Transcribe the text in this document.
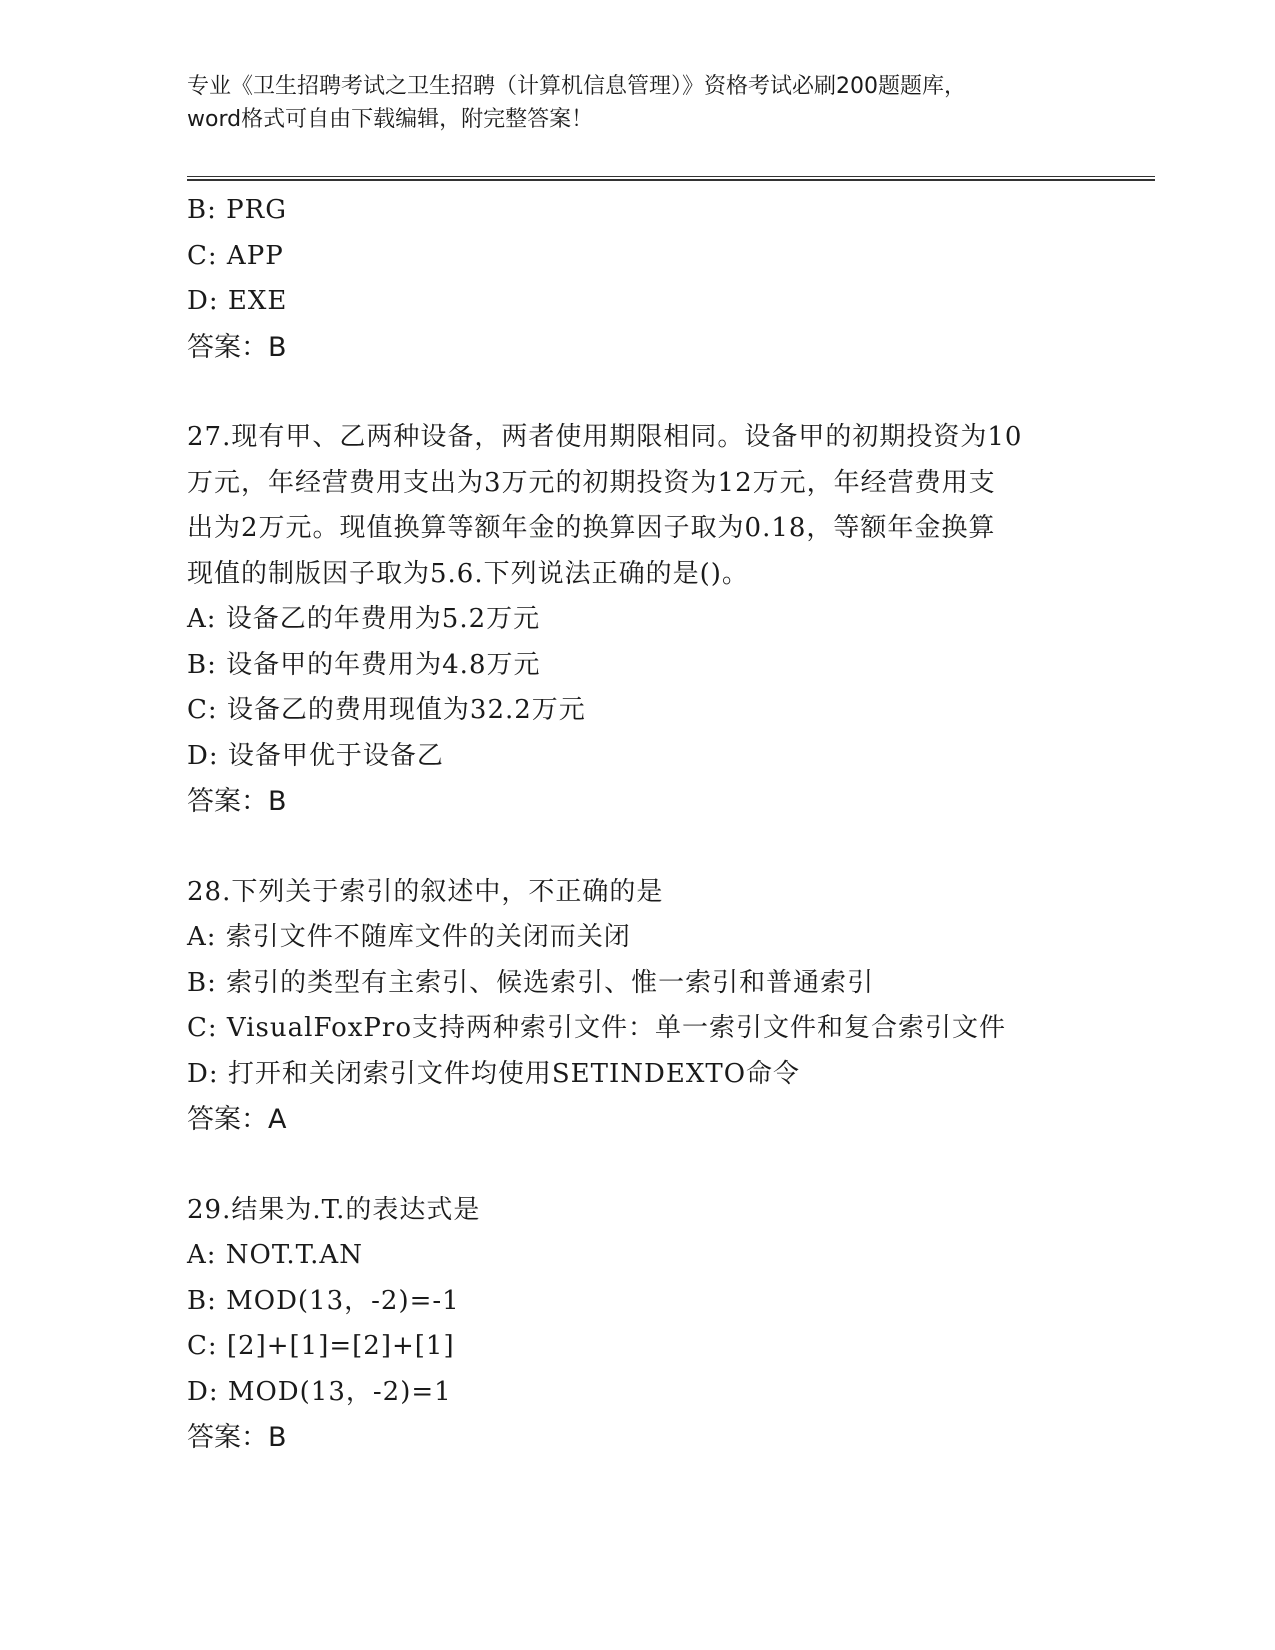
专业《卫生招聘考试之卫生招聘（计算机信息管理）》资格考试必刷200题题库，
word格式可自由下载编辑，附完整答案！
B: PRG
C: APP
D: EXE
答案：B
27.现有甲、乙两种设备，两者使用期限相同。设备甲的初期投资为10
万元，年经营费用支出为3万元的初期投资为12万元，年经营费用支
出为2万元。现值换算等额年金的换算因子取为0.18，等额年金换算
现值的制版因子取为5.6.下列说法正确的是()。
A: 设备乙的年费用为5.2万元
B: 设备甲的年费用为4.8万元
C: 设备乙的费用现值为32.2万元
D: 设备甲优于设备乙
答案：B
28.下列关于索引的叙述中，不正确的是
A: 索引文件不随库文件的关闭而关闭
B: 索引的类型有主索引、候选索引、惟一索引和普通索引
C: VisualFoxPro支持两种索引文件：单一索引文件和复合索引文件
D: 打开和关闭索引文件均使用SETINDEXTO命令
答案：A
29.结果为.T.的表达式是
A: NOT.T.AN
B: MOD(13，-2)=-1
C: [2]+[1]=[2]+[1]
D: MOD(13，-2)=1
答案：B
